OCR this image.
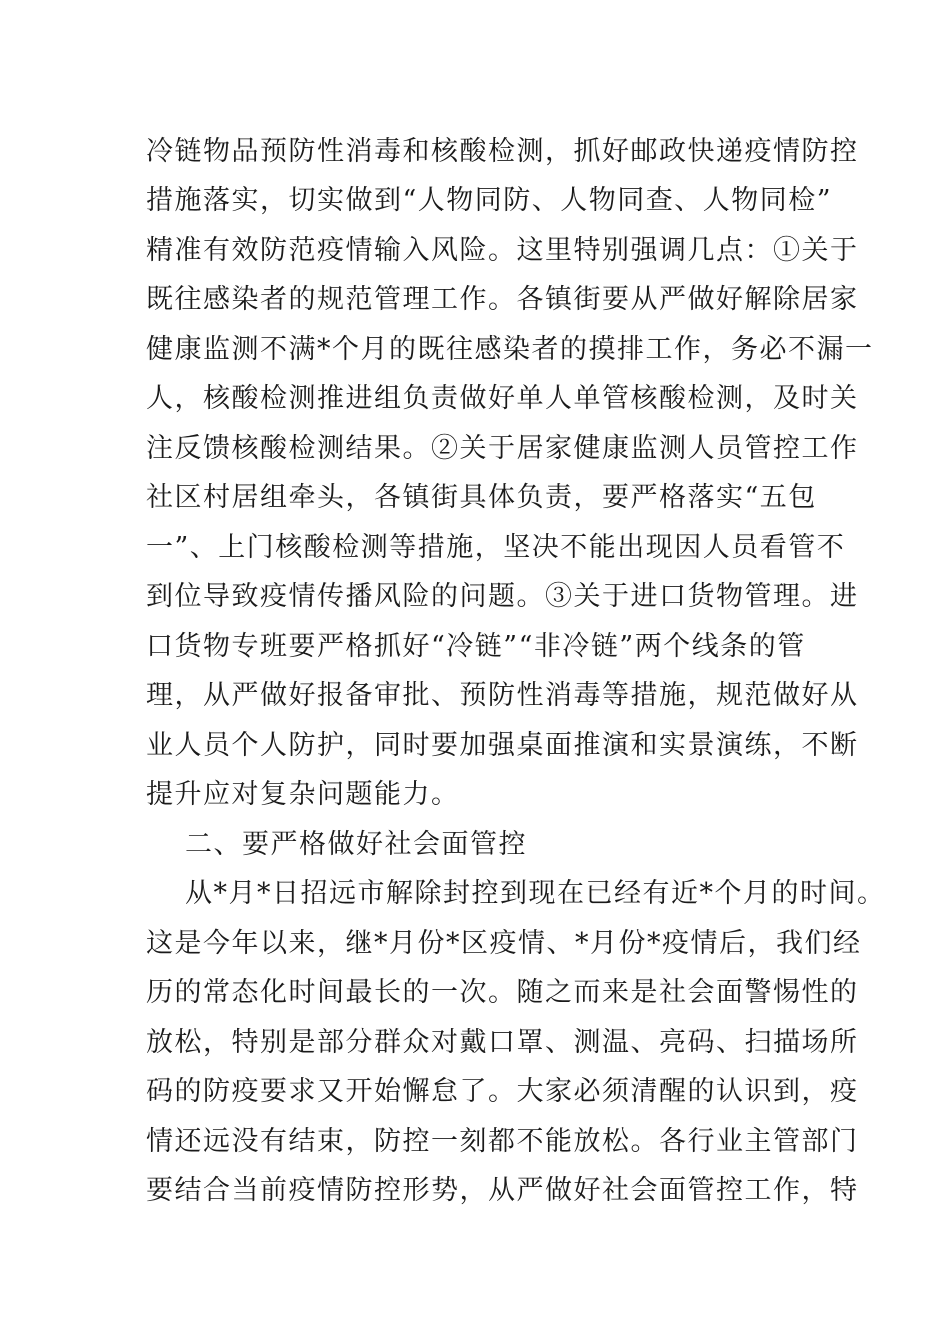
冷链物品预防性消毒和核酸检测，抓好邮政快递疫情防控
措施落实，切实做到“人物同防、人物同查、人物同检”
精准有效防范疫情输入风险。这里特别强调几点：①关于
既往感染者的规范管理工作。各镇街要从严做好解除居家
健康监测不满*个月的既往感染者的摸排工作，务必不漏一
人，核酸检测推进组负责做好单人单管核酸检测，及时关
注反馈核酸检测结果。②关于居家健康监测人员管控工作
社区村居组牵头，各镇街具体负责，要严格落实“五包
一”、上门核酸检测等措施，坚决不能出现因人员看管不
到位导致疫情传播风险的问题。③关于进口货物管理。进
口货物专班要严格抓好“冷链”“非冷链”两个线条的管
理，从严做好报备审批、预防性消毒等措施，规范做好从
业人员个人防护，同时要加强桌面推演和实景演练，不断
提升应对复杂问题能力。
二、要严格做好社会面管控
从*月*日招远市解除封控到现在已经有近*个月的时间。
这是今年以来，继*月份*区疫情、*月份*疫情后，我们经
历的常态化时间最长的一次。随之而来是社会面警惕性的
放松，特别是部分群众对戴口罩、测温、亮码、扫描场所
码的防疫要求又开始懈怠了。大家必须清醒的认识到，疫
情还远没有结束，防控一刻都不能放松。各行业主管部门
要结合当前疫情防控形势，从严做好社会面管控工作，特
